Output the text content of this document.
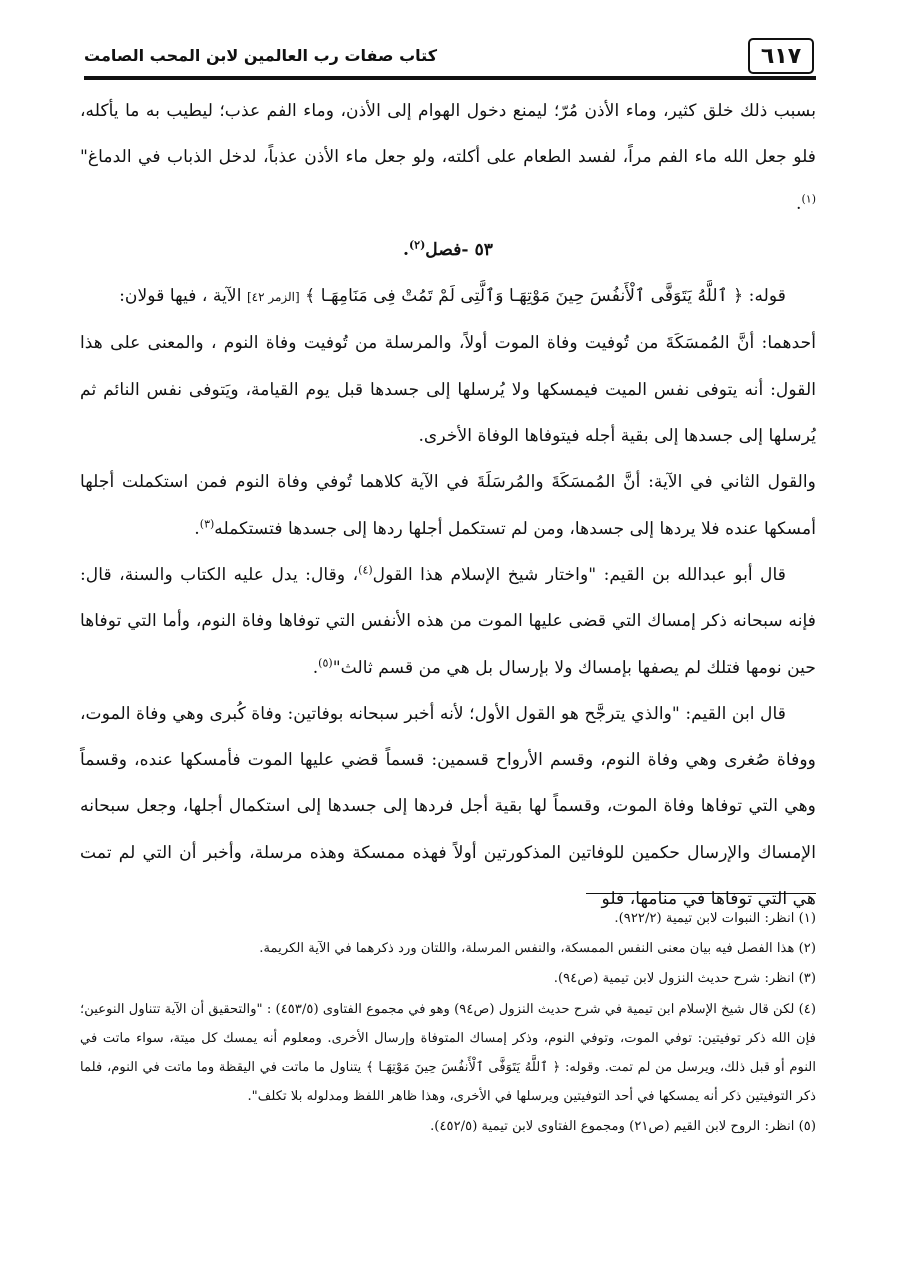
٦١٧
كتاب صفات رب العالمين لابن المحب الصامت

بسبب ذلك خلق كثير، وماء الأذن مُرّ؛ ليمنع دخول الهوام إلى الأذن، وماء الفم عذب؛ ليطيب به ما يأكله، فلو جعل الله ماء الفم مراً، لفسد الطعام على أكلته، ولو جعل ماء الأذن عذباً، لدخل الذباب في الدماغ"$^{(١)}$.

٥٣ -فصل$^{(٢)}$.

قوله: ﴿ ٱللَّهُ يَتَوَفَّى ٱلْأَنفُسَ حِينَ مَوْتِهَـا وَٱلَّتِى لَمْ تَمُتْ فِى مَنَامِهَـا ﴾ [الزمر ٤٢] الآية ، فيها قولان:

أحدهما: أنَّ المُمسَكَةَ من تُوفيت وفاة الموت أولاً، والمرسلة من تُوفيت وفاة النوم ، والمعنى على هذا القول: أنه يتوفى نفس الميت فيمسكها ولا يُرسلها إلى جسدها قبل يوم القيامة، ويَتوفى نفس النائم ثم يُرسلها إلى جسدها إلى بقية أجله فيتوفاها الوفاة الأخرى.

والقول الثاني في الآية: أنَّ المُمسَكَةَ والمُرسَلَةَ في الآية كلاهما تُوفي وفاة النوم فمن استكملت أجلها أمسكها عنده فلا يردها إلى جسدها، ومن لم تستكمل أجلها ردها إلى جسدها فتستكمله$^{(٣)}$.

قال أبو عبدالله بن القيم: "واختار شيخ الإسلام هذا القول$^{(٤)}$، وقال: يدل عليه الكتاب والسنة، قال: فإنه سبحانه ذكر إمساك التي قضى عليها الموت من هذه الأنفس التي توفاها وفاة النوم، وأما التي توفاها حين نومها فتلك لم يصفها بإمساك ولا بإرسال بل هي من قسم ثالث"$^{(٥)}$.

قال ابن القيم: "والذي يترجَّح هو القول الأول؛ لأنه أخبر سبحانه بوفاتين: وفاة كُبرى وهي وفاة الموت، ووفاة صُغرى وهي وفاة النوم، وقسم الأرواح قسمين: قسماً قضي عليها الموت فأمسكها عنده، وقسماً وهي التي توفاها وفاة الموت، وقسماً لها بقية أجل فردها إلى جسدها إلى استكمال أجلها، وجعل سبحانه الإمساك والإرسال حكمين للوفاتين المذكورتين أولاً فهذه ممسكة وهذه مرسلة، وأخبر أن التي لم تمت هي التي توفاها في منامها، فلو

(١) انظر: النبوات لابن تيمية (٩٢٢/٢).

(٢) هذا الفصل فيه بيان معنى النفس الممسكة، والنفس المرسلة، واللتان ورد ذكرهما في الآية الكريمة.

(٣) انظر: شرح حديث النزول لابن تيمية (ص٩٤).

(٤) لكن قال شيخ الإسلام ابن تيمية في شرح حديث النزول (ص٩٤) وهو في مجموع الفتاوى (٤٥٣/٥) : "والتحقيق أن الآية تتناول النوعين؛ فإن الله ذكر توفيتين: توفي الموت، وتوفي النوم، وذكر إمساك المتوفاة وإرسال الأخرى. ومعلوم أنه يمسك كل ميتة، سواء ماتت في النوم أو قبل ذلك، ويرسل من لم تمت. وقوله: ﴿ ٱللَّهُ يَتَوَفَّى ٱلْأَنفُسَ حِينَ مَوْتِهَـا ﴾ يتناول ما ماتت في اليقظة وما ماتت في النوم، فلما ذكر التوفيتين ذكر أنه يمسكها في أحد التوفيتين ويرسلها في الأخرى، وهذا ظاهر اللفظ ومدلوله بلا تكلف".

(٥) انظر: الروح لابن القيم (ص٢١) ومجموع الفتاوى لابن تيمية (٤٥٢/٥).
